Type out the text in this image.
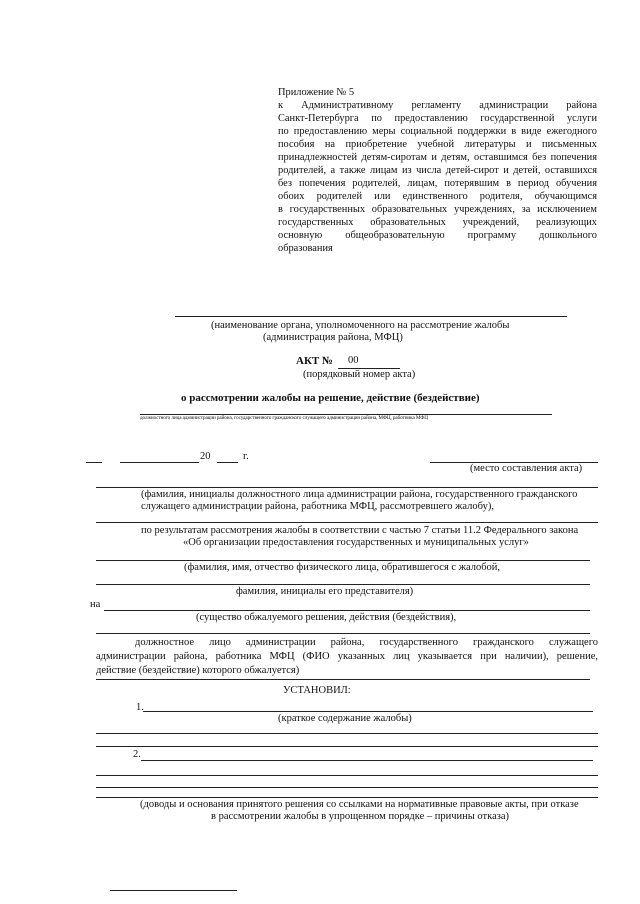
Приложение № 5
к Административному регламенту администрации района
Санкт-Петербурга по предоставлению государственной услуги
по предоставлению меры социальной поддержки в виде ежегодного
пособия на приобретение учебной литературы и письменных
принадлежностей детям-сиротам и детям, оставшимся без попечения
родителей, а также лицам из числа детей-сирот и детей, оставшихся
без попечения родителей, лицам, потерявшим в период обучения
обоих родителей или единственного родителя, обучающимся
в государственных образовательных учреждениях, за исключением
государственных образовательных учреждений, реализующих
основную общеобразовательную программу дошкольного
образования
(наименование органа, уполномоченного на рассмотрение жалобы
(администрация района, МФЦ)
АКТ № 00
(порядковый номер акта)
о рассмотрении жалобы на решение, действие (бездействие)
должностного лица администрации района, государственного гражданского служащего администрации района, МФЦ, работника МФЦ
20	г.
(место составления акта)
(фамилия, инициалы должностного лица администрации района, государственного гражданского
служащего администрации района, работника МФЦ, рассмотревшего жалобу),
по результатам рассмотрения жалобы в соответствии с частью 7 статьи 11.2 Федерального закона
«Об организации предоставления государственных и муниципальных услуг»
(фамилия, имя, отчество физического лица, обратившегося с жалобой,
фамилия, инициалы его представителя)
на
(существо обжалуемого решения, действия (бездействия),
должностное лицо администрации района, государственного гражданского служащего
администрации района, работника МФЦ (ФИО указанных лиц указывается при наличии), решение,
действие (бездействие) которого обжалуется)
УСТАНОВИЛ:
1.
(краткое содержание жалобы)
2.
(доводы и основания принятого решения со ссылками на нормативные правовые акты, при отказе
в рассмотрении жалобы в упрощенном порядке – причины отказа)
